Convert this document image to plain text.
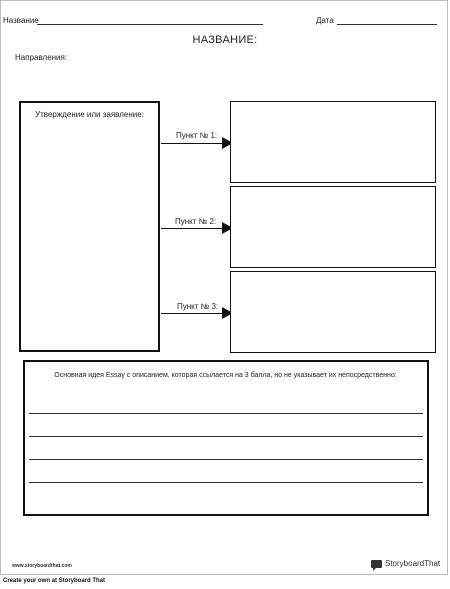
Название	Дата
НАЗВАНИЕ:
Направления:
Утверждение или заявление:
Пункт № 1:
Пункт № 2:
Пункт № 3:
Основная идея Essay с описанием, которая ссылается на 3 балла, но не указывает их непосредственно:
www.storyboardthat.com	StoryboardThat
Create your own at Storyboard That
